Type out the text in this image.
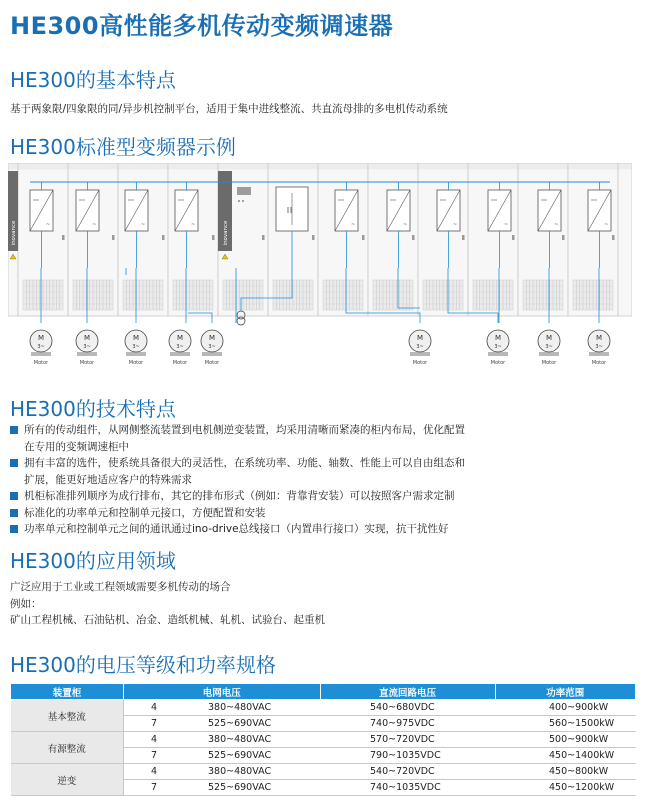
HE300高性能多机传动变频调速器
HE300的基本特点
基于两象限/四象限的同/异步机控制平台，适用于集中进线整流、共直流母排的多电机传动系统
HE300标准型变频器示例
inovance	inovance
~	~	~	~	~	~	~	~	~	~
M
3~
Motor
M
3~
Motor
M
3~
Motor
M
3~
Motor
M
3~
Motor
M
3~
Motor
M
3~
Motor
M
3~
Motor
M
3~
Motor
HE300的技术特点
所有的传动组件，从网侧整流装置到电机侧逆变装置，均采用清晰而紧凑的柜内布局，优化配置
在专用的变频调速柜中
拥有丰富的选件，使系统具备很大的灵活性，在系统功率、功能、轴数、性能上可以自由组态和
扩展，能更好地适应客户的特殊需求
机柜标准排列顺序为成行排布，其它的排布形式（例如：背靠背安装）可以按照客户需求定制
标准化的功率单元和控制单元接口，方便配置和安装
功率单元和控制单元之间的通讯通过ino-drive总线接口（内置串行接口）实现，抗干扰性好
HE300的应用领域
广泛应用于工业或工程领域需要多机传动的场合
例如：
矿山工程机械、石油钻机、冶金、造纸机械、轧机、试验台、起重机
HE300的电压等级和功率规格
装置柜	电网电压		直流回路电压	功率范围
基本整流	4	380~480VAC	540~680VDC	400~900kW
	7	525~690VAC	740~975VDC	560~1500kW
有源整流	4	380~480VAC	570~720VDC	500~900kW
	7	525~690VAC	790~1035VDC	450~1400kW
逆变	4	380~480VAC	540~720VDC	450~800kW
	7	525~690VAC	740~1035VDC	450~1200kW
